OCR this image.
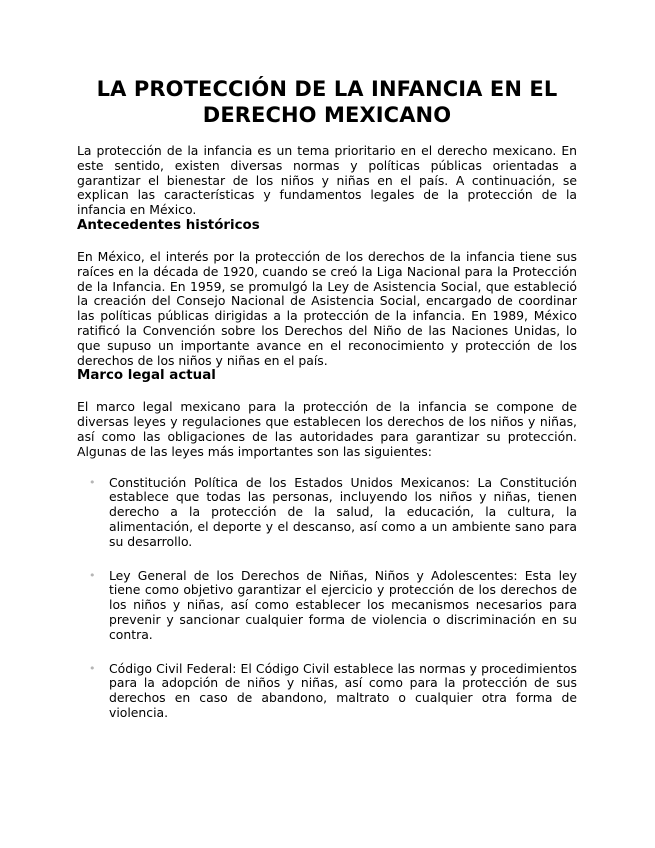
LA PROTECCIÓN DE LA INFANCIA EN EL
DERECHO MEXICANO

La protección de la infancia es un tema prioritario en el derecho mexicano. En este sentido, existen diversas normas y políticas públicas orientadas a garantizar el bienestar de los niños y niñas en el país. A continuación, se explican las características y fundamentos legales de la protección de la infancia en México.

Antecedentes históricos

En México, el interés por la protección de los derechos de la infancia tiene sus raíces en la década de 1920, cuando se creó la Liga Nacional para la Protección de la Infancia. En 1959, se promulgó la Ley de Asistencia Social, que estableció la creación del Consejo Nacional de Asistencia Social, encargado de coordinar las políticas públicas dirigidas a la protección de la infancia. En 1989, México ratificó la Convención sobre los Derechos del Niño de las Naciones Unidas, lo que supuso un importante avance en el reconocimiento y protección de los derechos de los niños y niñas en el país.

Marco legal actual

El marco legal mexicano para la protección de la infancia se compone de diversas leyes y regulaciones que establecen los derechos de los niños y niñas, así como las obligaciones de las autoridades para garantizar su protección. Algunas de las leyes más importantes son las siguientes:

• Constitución Política de los Estados Unidos Mexicanos: La Constitución establece que todas las personas, incluyendo los niños y niñas, tienen derecho a la protección de la salud, la educación, la cultura, la alimentación, el deporte y el descanso, así como a un ambiente sano para su desarrollo.

• Ley General de los Derechos de Niñas, Niños y Adolescentes: Esta ley tiene como objetivo garantizar el ejercicio y protección de los derechos de los niños y niñas, así como establecer los mecanismos necesarios para prevenir y sancionar cualquier forma de violencia o discriminación en su contra.

• Código Civil Federal: El Código Civil establece las normas y procedimientos para la adopción de niños y niñas, así como para la protección de sus derechos en caso de abandono, maltrato o cualquier otra forma de violencia.
